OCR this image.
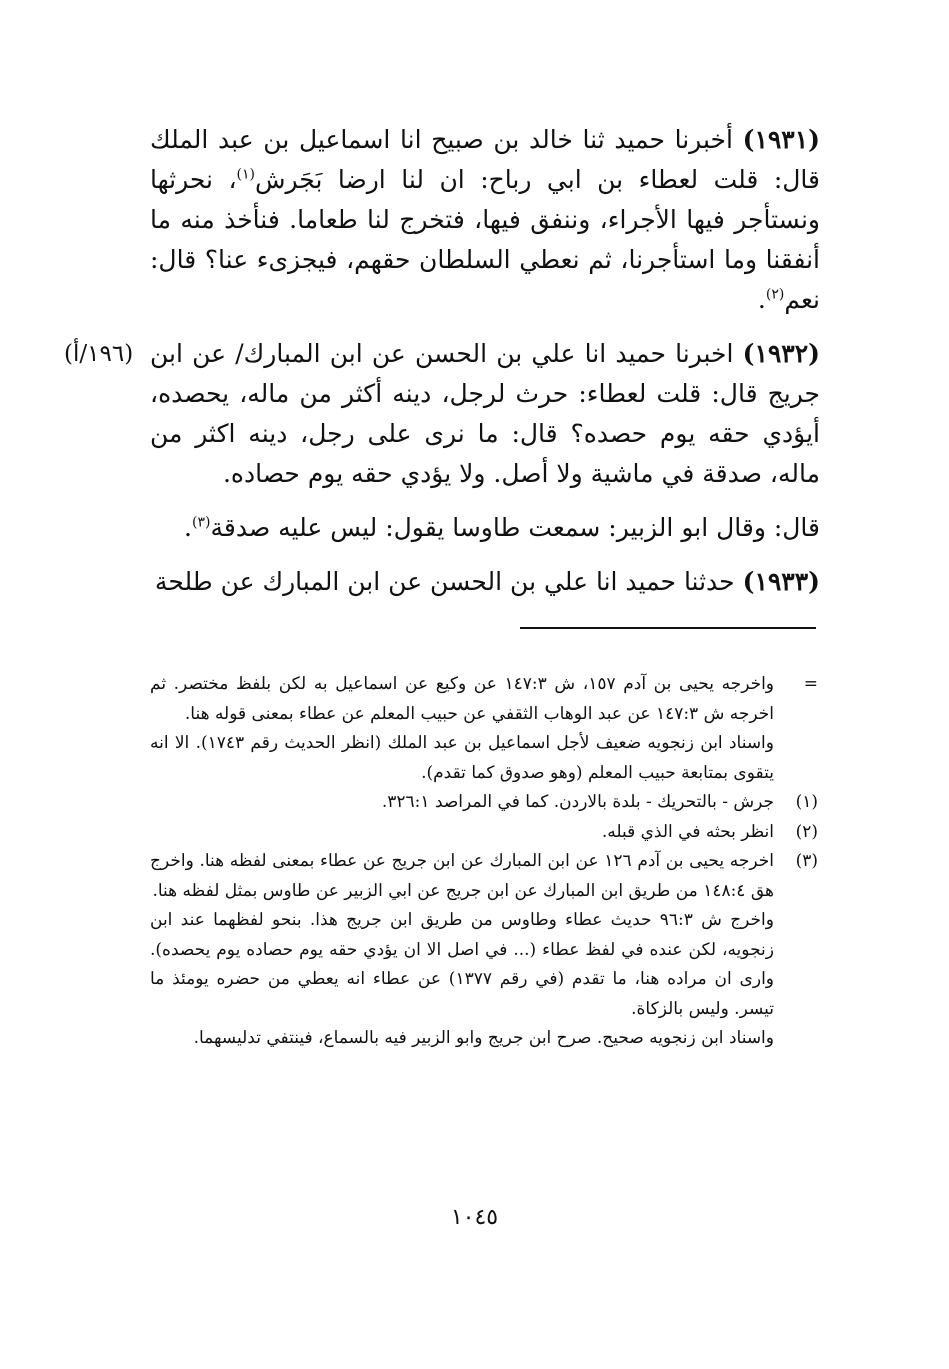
(١٩٣١) أخبرنا حميد ثنا خالد بن صبيح انا اسماعيل بن عبد الملك قال: قلت لعطاء بن ابي رباح: ان لنا ارضا بَجَرش$^{(١)}$، نحرثها ونستأجر فيها الأجراء، وننفق فيها، فتخرج لنا طعاما. فنأخذ منه ما أنفقنا وما استأجرنا، ثم نعطي السلطان حقهم، فيجزىء عنا؟ قال: نعم$^{(٢)}$.

(١٩٦/أ)	(١٩٣٢) اخبرنا حميد انا علي بن الحسن عن ابن المبارك/ عن ابن جريج قال: قلت لعطاء: حرث لرجل، دينه أكثر من ماله، يحصده، أيؤدي حقه يوم حصده؟ قال: ما نرى على رجل، دينه اكثر من ماله، صدقة في ماشية ولا أصل. ولا يؤدي حقه يوم حصاده.

قال: وقال ابو الزبير: سمعت طاوسا يقول: ليس عليه صدقة$^{(٣)}$.

(١٩٣٣) حدثنا حميد انا علي بن الحسن عن ابن المبارك عن طلحة

=
واخرجه يحيى بن آدم ١٥٧، ش ١٤٧:٣ عن وكيع عن اسماعيل به لكن بلفظ مختصر. ثم اخرجه ش ١٤٧:٣ عن عبد الوهاب الثقفي عن حبيب المعلم عن عطاء بمعنى قوله هنا.
واسناد ابن زنجويه ضعيف لأجل اسماعيل بن عبد الملك (انظر الحديث رقم ١٧٤٣). الا انه يتقوى بمتابعة حبيب المعلم (وهو صدوق كما تقدم).
(١)
جرش - بالتحريك - بلدة بالاردن. كما في المراصد ٣٢٦:١.
(٢)
انظر بحثه في الذي قبله.
(٣)
اخرجه يحيى بن آدم ١٢٦ عن ابن المبارك عن ابن جريج عن عطاء بمعنى لفظه هنا. واخرج هق ١٤٨:٤ من طريق ابن المبارك عن ابن جريج عن ابي الزبير عن طاوس بمثل لفظه هنا.
واخرج ش ٩٦:٣ حديث عطاء وطاوس من طريق ابن جريج هذا. بنحو لفظهما عند ابن زنجويه، لكن عنده في لفظ عطاء (... في اصل الا ان يؤدي حقه يوم حصاده يوم يحصده). وارى ان مراده هنا، ما تقدم (في رقم ١٣٧٧) عن عطاء انه يعطي من حضره يومئذ ما تيسر. وليس بالزكاة.
واسناد ابن زنجويه صحيح. صرح ابن جريج وابو الزبير فيه بالسماع، فينتفي تدليسهما.
١٠٤٥
